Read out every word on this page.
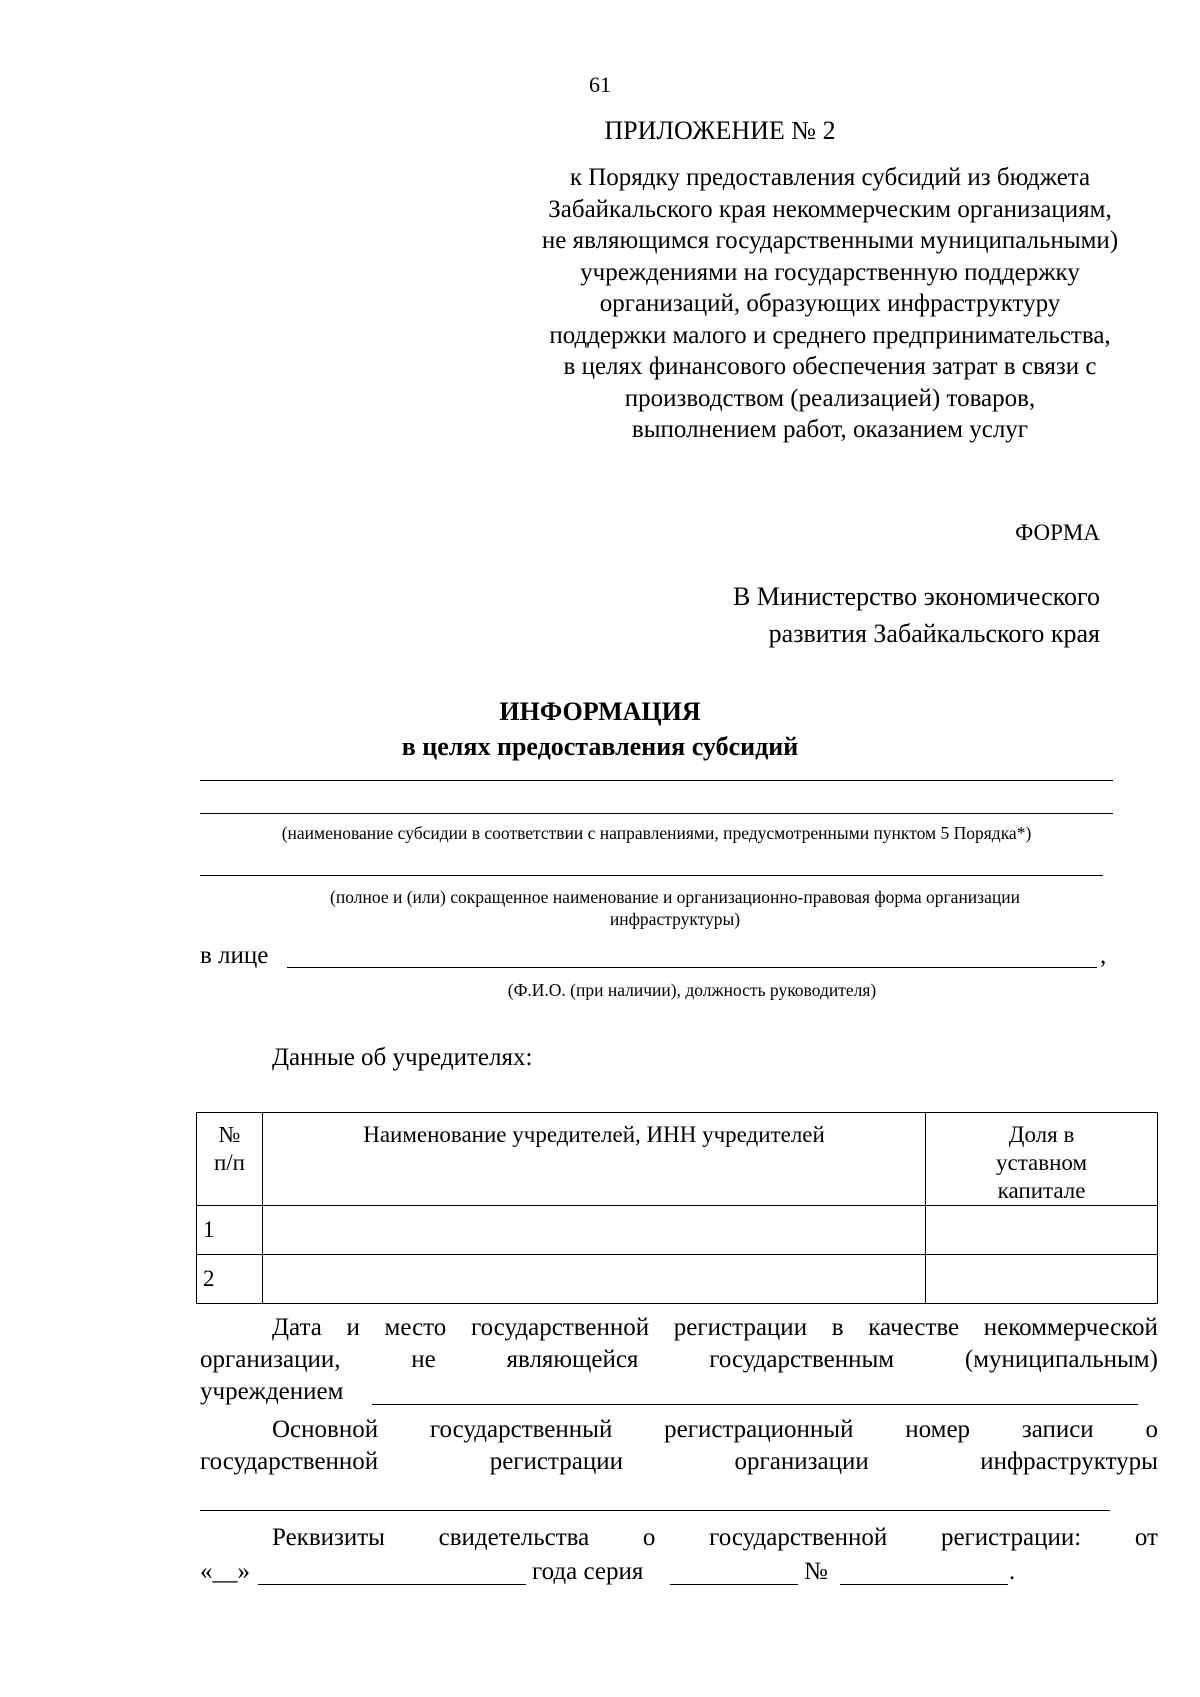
61
ПРИЛОЖЕНИЕ № 2
к Порядку предоставления субсидий из бюджета
Забайкальского края некоммерческим организациям,
не являющимся государственными муниципальными)
учреждениями на государственную поддержку
организаций, образующих инфраструктуру
поддержки малого и среднего предпринимательства,
в целях финансового обеспечения затрат в связи с
производством (реализацией) товаров,
выполнением работ, оказанием услуг
ФОРМА
В Министерство экономического
развития Забайкальского края
ИНФОРМАЦИЯ
в целях предоставления субсидий
(наименование субсидии в соответствии с направлениями, предусмотренными пунктом 5 Порядка*)
(полное и (или) сокращенное наименование и организационно-правовая форма организации
инфраструктуры)
в лице	,
(Ф.И.О. (при наличии), должность руководителя)
Данные об учредителях:
№ п/п	Наименование учредителей, ИНН учредителей	Доля в уставном капитале

1		
2		
Дата и место государственной регистрации в качестве некоммерческой
организации,	не	являющейся	государственным	(муниципальным)
учреждением
Основной государственный регистрационный номер записи о
государственной	регистрации	организации	инфраструктуры
Реквизиты свидетельства о государственной регистрации: от
«__»	года серия	№	.
